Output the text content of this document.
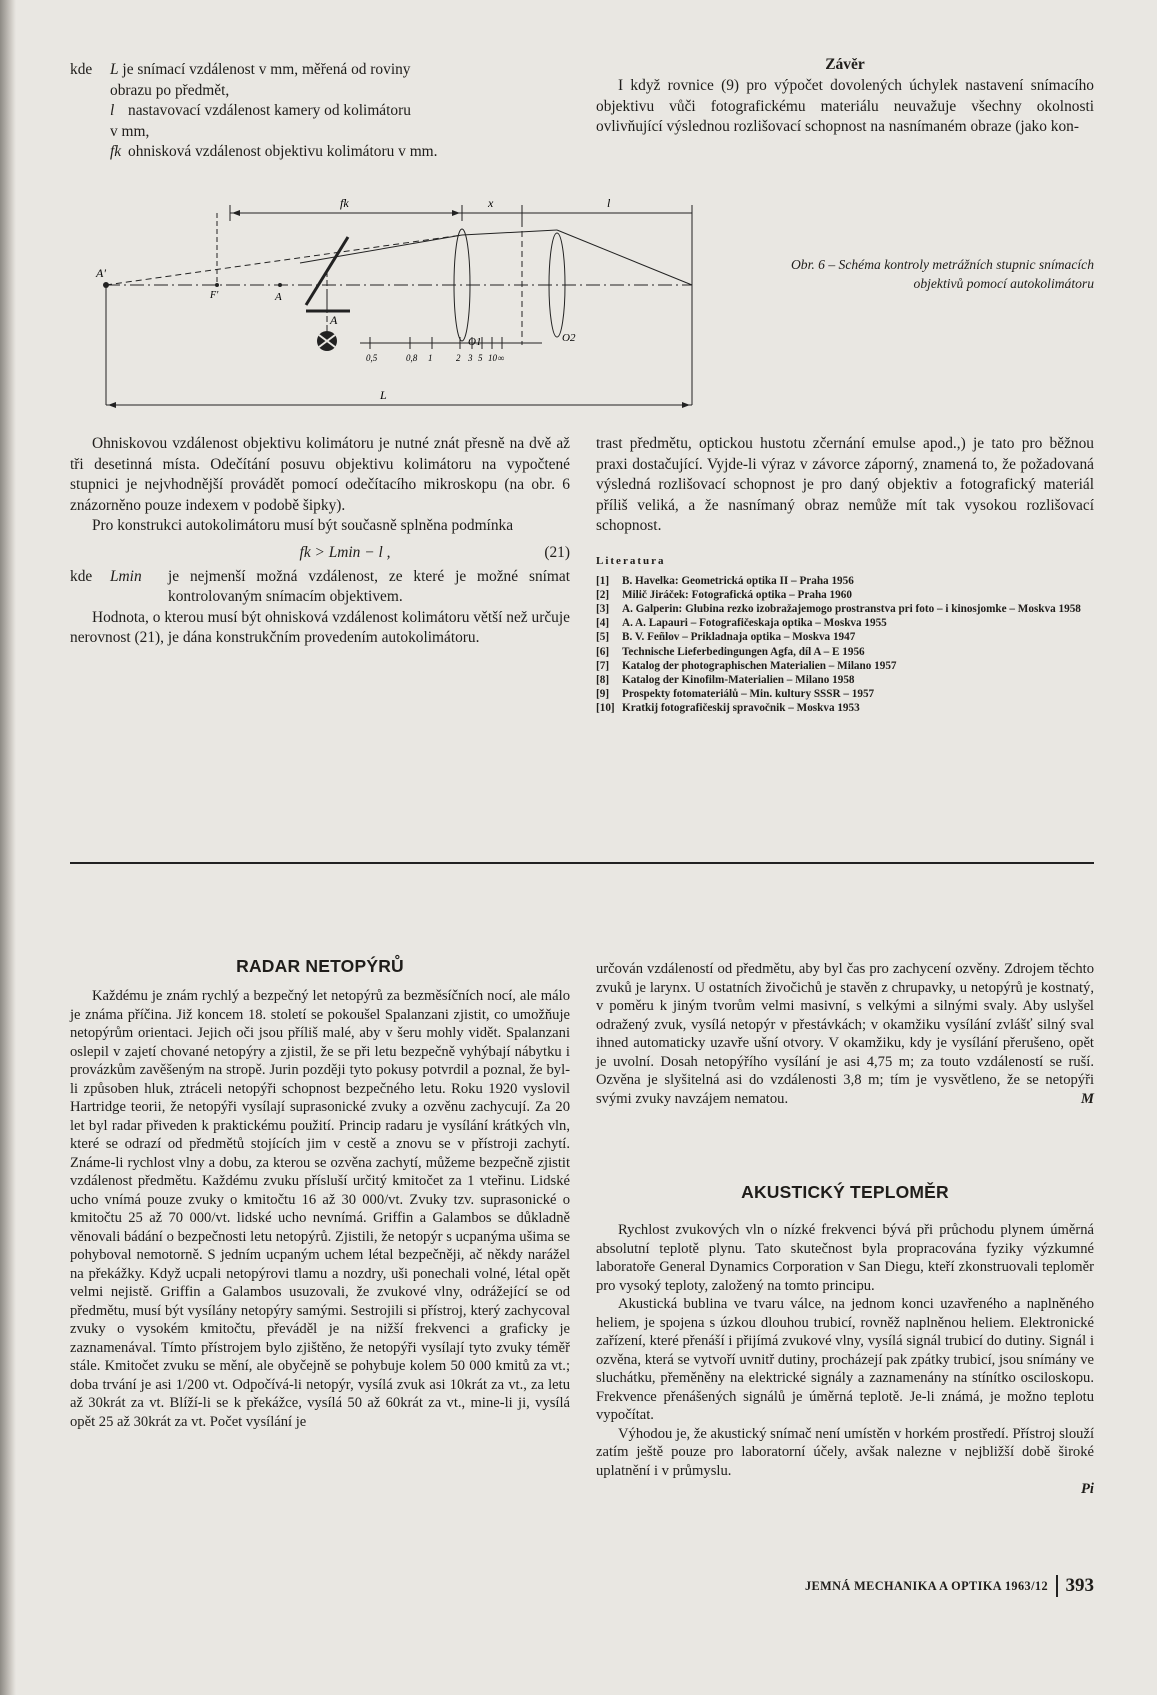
kde	L je snímací vzdálenost v mm, měřená od roviny
obrazu po předmět,
l nastavovací vzdálenost kamery od kolimátoru
v mm,
fk ohnisková vzdálenost objektivu kolimátoru v mm.

Závěr

I když rovnice (9) pro výpočet dovolených úchylek nastavení snímacího objektivu vůči fotografickému materiálu neuvažuje všechny okolnosti ovlivňující výslednou rozlišovací schopnost na nasnímaném obraze (jako kon-

fk	x	l
A'
F'	A
A
O1	O2
L
0,5	0,8 1	2 3 5 10 ∞
Obr. 6 – Schéma kontroly metrážních stupnic snímacích objektivů pomocí autokolimátoru

Ohniskovou vzdálenost objektivu kolimátoru je nutné znát přesně na dvě až tři desetinná místa. Odečítání posuvu objektivu kolimátoru na vypočtené stupnici je nejvhodnější provádět pomocí odečítacího mikroskopu (na obr. 6 znázorněno pouze indexem v podobě šipky).

Pro konstrukci autokolimátoru musí být současně splněna podmínka

fk > Lmin − l ,	(21)
kde	Lmin	je nejmenší možná vzdálenost, ze které je možné snímat kontrolovaným snímacím objektivem.

Hodnota, o kterou musí být ohnisková vzdálenost kolimátoru větší než určuje nerovnost (21), je dána konstrukčním provedením autokolimátoru.

trast předmětu, optickou hustotu zčernání emulse apod.,) je tato pro běžnou praxi dostačující. Vyjde-li výraz v závorce záporný, znamená to, že požadovaná výsledná rozlišovací schopnost je pro daný objektiv a fotografický materiál příliš veliká, a že nasnímaný obraz nemůže mít tak vysokou rozlišovací schopnost.

Literatura

[1]	B. Havelka: Geometrická optika II – Praha 1956
[2]	Milič Jiráček: Fotografická optika – Praha 1960
[3]	A. Galperin: Glubina rezko izobražajemogo prostranstva pri foto – i kinosjomke – Moskva 1958
[4]	A. A. Lapauri – Fotografičeskaja optika – Moskva 1955
[5]	B. V. Feñlov – Prikladnaja optika – Moskva 1947
[6]	Technische Lieferbedingungen Agfa, díl A – E 1956
[7]	Katalog der photographischen Materialien – Milano 1957
[8]	Katalog der Kinofilm-Materialien – Milano 1958
[9]	Prospekty fotomateriálů – Min. kultury SSSR – 1957
[10] Kratkij fotografičeskij spravočnik – Moskva 1953

RADAR NETOPÝRŮ

Každému je znám rychlý a bezpečný let netopýrů za bezměsíčních nocí, ale málo je známa příčina. Již koncem 18. století se pokoušel Spalanzani zjistit, co umožňuje netopýrům orientaci. Jejich oči jsou příliš malé, aby v šeru mohly vidět. Spalanzani oslepil v zajetí chované netopýry a zjistil, že se při letu bezpečně vyhýbají nábytku i provázkům zavěšeným na stropě. Jurin později tyto pokusy potvrdil a poznal, že byl-li způsoben hluk, ztráceli netopýři schopnost bezpečného letu. Roku 1920 vyslovil Hartridge teorii, že netopýři vysílají suprasonické zvuky a ozvěnu zachycují. Za 20 let byl radar přiveden k praktickému použití. Princip radaru je vysílání krátkých vln, které se odrazí od předmětů stojících jim v cestě a znovu se v přístroji zachytí. Známe-li rychlost vlny a dobu, za kterou se ozvěna zachytí, můžeme bezpečně zjistit vzdálenost předmětu. Každému zvuku přísluší určitý kmitočet za 1 vteřinu. Lidské ucho vnímá pouze zvuky o kmitočtu 16 až 30 000/vt. Zvuky tzv. suprasonické o kmitočtu 25 až 70 000/vt. lidské ucho nevnímá. Griffin a Galambos se důkladně věnovali bádání o bezpečnosti letu netopýrů. Zjistili, že netopýr s ucpanýma ušima se pohyboval nemotorně. S jedním ucpaným uchem létal bezpečněji, ač někdy narážel na překážky. Když ucpali netopýrovi tlamu a nozdry, uši ponechali volné, létal opět velmi nejistě. Griffin a Galambos usuzovali, že zvukové vlny, odrážející se od předmětu, musí být vysílány netopýry samými. Sestrojili si přístroj, který zachycoval zvuky o vysokém kmitočtu, převáděl je na nižší frekvenci a graficky je zaznamenával. Tímto přístrojem bylo zjištěno, že netopýři vysílají tyto zvuky téměř stále. Kmitočet zvuku se mění, ale obyčejně se pohybuje kolem 50 000 kmitů za vt.; doba trvání je asi 1/200 vt. Odpočívá-li netopýr, vysílá zvuk asi 10krát za vt., za letu až 30krát za vt. Blíží-li se k překážce, vysílá 50 až 60krát za vt., mine-li ji, vysílá opět 25 až 30krát za vt. Počet vysílání je

určován vzdáleností od předmětu, aby byl čas pro zachycení ozvěny. Zdrojem těchto zvuků je larynx. U ostatních živočichů je stavěn z chrupavky, u netopýrů je kostnatý, v poměru k jiným tvorům velmi masivní, s velkými a silnými svaly. Aby uslyšel odražený zvuk, vysílá netopýr v přestávkách; v okamžiku vysílání zvlášť silný sval ihned automaticky uzavře ušní otvory. V okamžiku, kdy je vysílání přerušeno, opět je uvolní. Dosah netopýřího vysílání je asi 4,75 m; za touto vzdáleností se ruší. Ozvěna je slyšitelná asi do vzdálenosti 3,8 m; tím je vysvětleno, že se netopýři svými zvuky navzájem nematou.	M

AKUSTICKÝ TEPLOMĚR

Rychlost zvukových vln o nízké frekvenci bývá při průchodu plynem úměrná absolutní teplotě plynu. Tato skutečnost byla propracována fyziky výzkumné laboratoře General Dynamics Corporation v San Diegu, kteří zkonstruovali teploměr pro vysoký teploty, založený na tomto principu.

Akustická bublina ve tvaru válce, na jednom konci uzavřeného a naplněného heliem, je spojena s úzkou dlouhou trubicí, rovněž naplněnou heliem. Elektronické zařízení, které přenáší i přijímá zvukové vlny, vysílá signál trubicí do dutiny. Signál i ozvěna, která se vytvoří uvnitř dutiny, procházejí pak zpátky trubicí, jsou snímány ve sluchátku, přeměněny na elektrické signály a zaznamenány na stínítko osciloskopu. Frekvence přenášených signálů je úměrná teplotě. Je-li známá, je možno teplotu vypočítat.

Výhodou je, že akustický snímač není umístěn v horkém prostředí. Přístroj slouží zatím ještě pouze pro laboratorní účely, avšak nalezne v nejbližší době široké uplatnění i v průmyslu.

Pi

JEMNÁ MECHANIKA A OPTIKA 1963/12 393
